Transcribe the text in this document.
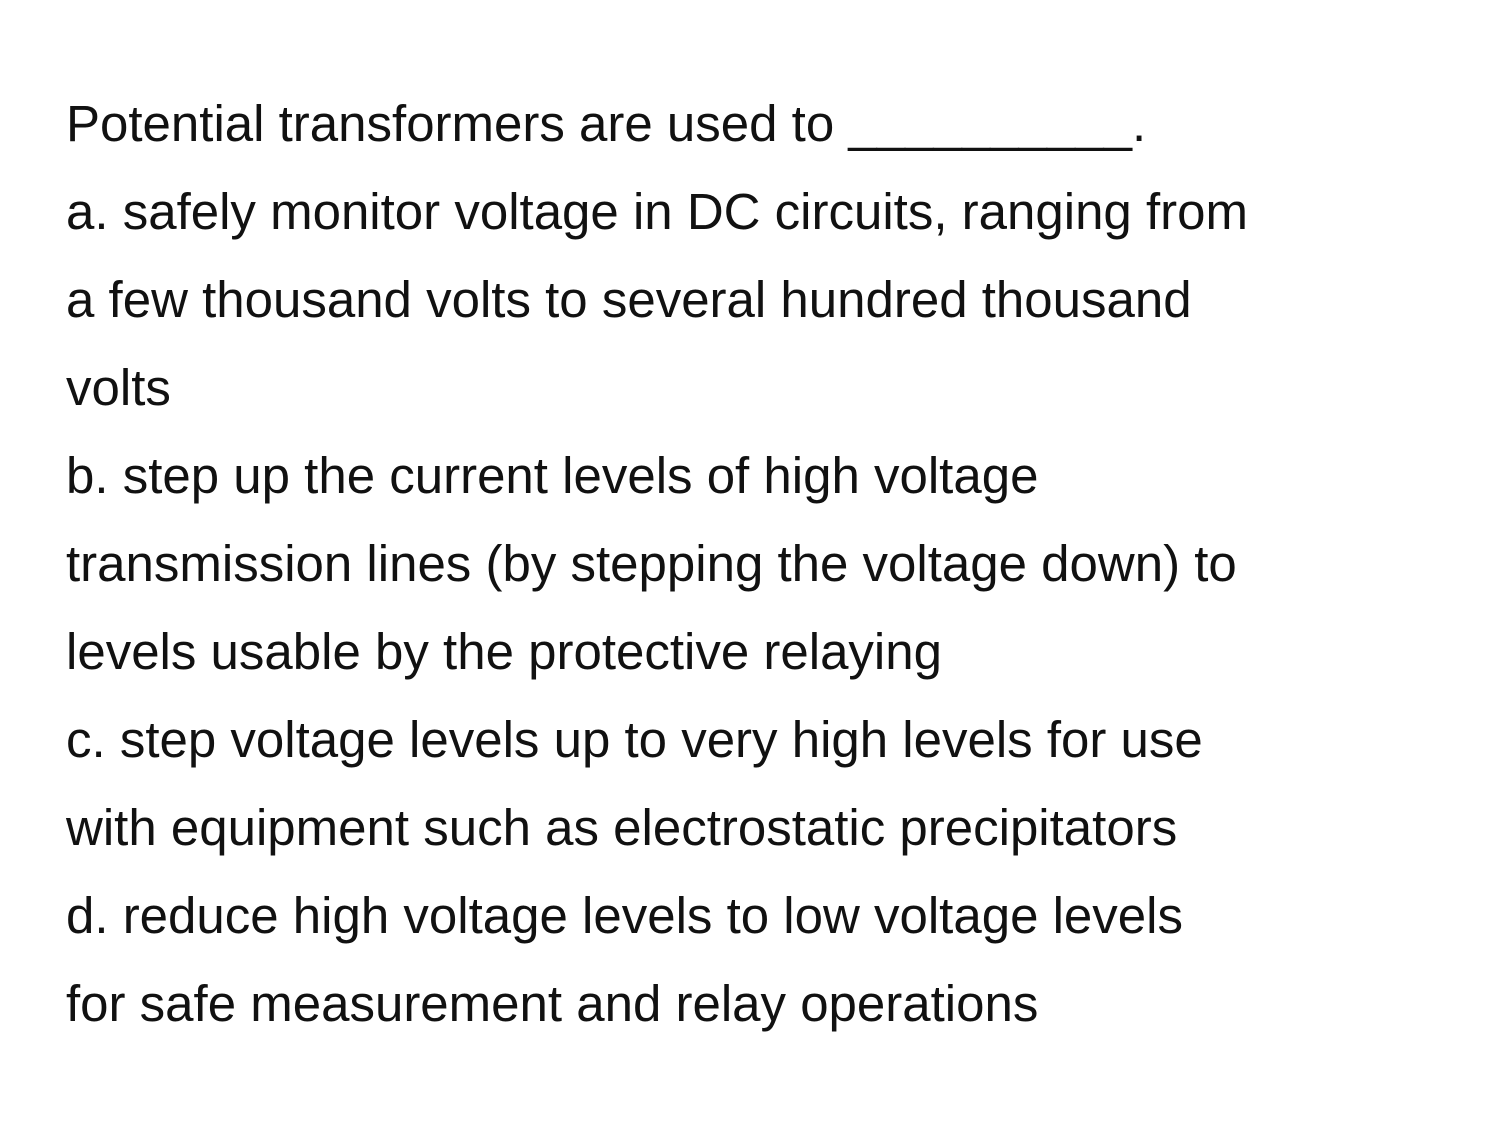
Potential transformers are used to __________.
a. safely monitor voltage in DC circuits, ranging from
a few thousand volts to several hundred thousand
volts
b. step up the current levels of high voltage
transmission lines (by stepping the voltage down) to
levels usable by the protective relaying
c. step voltage levels up to very high levels for use
with equipment such as electrostatic precipitators
d. reduce high voltage levels to low voltage levels
for safe measurement and relay operations
